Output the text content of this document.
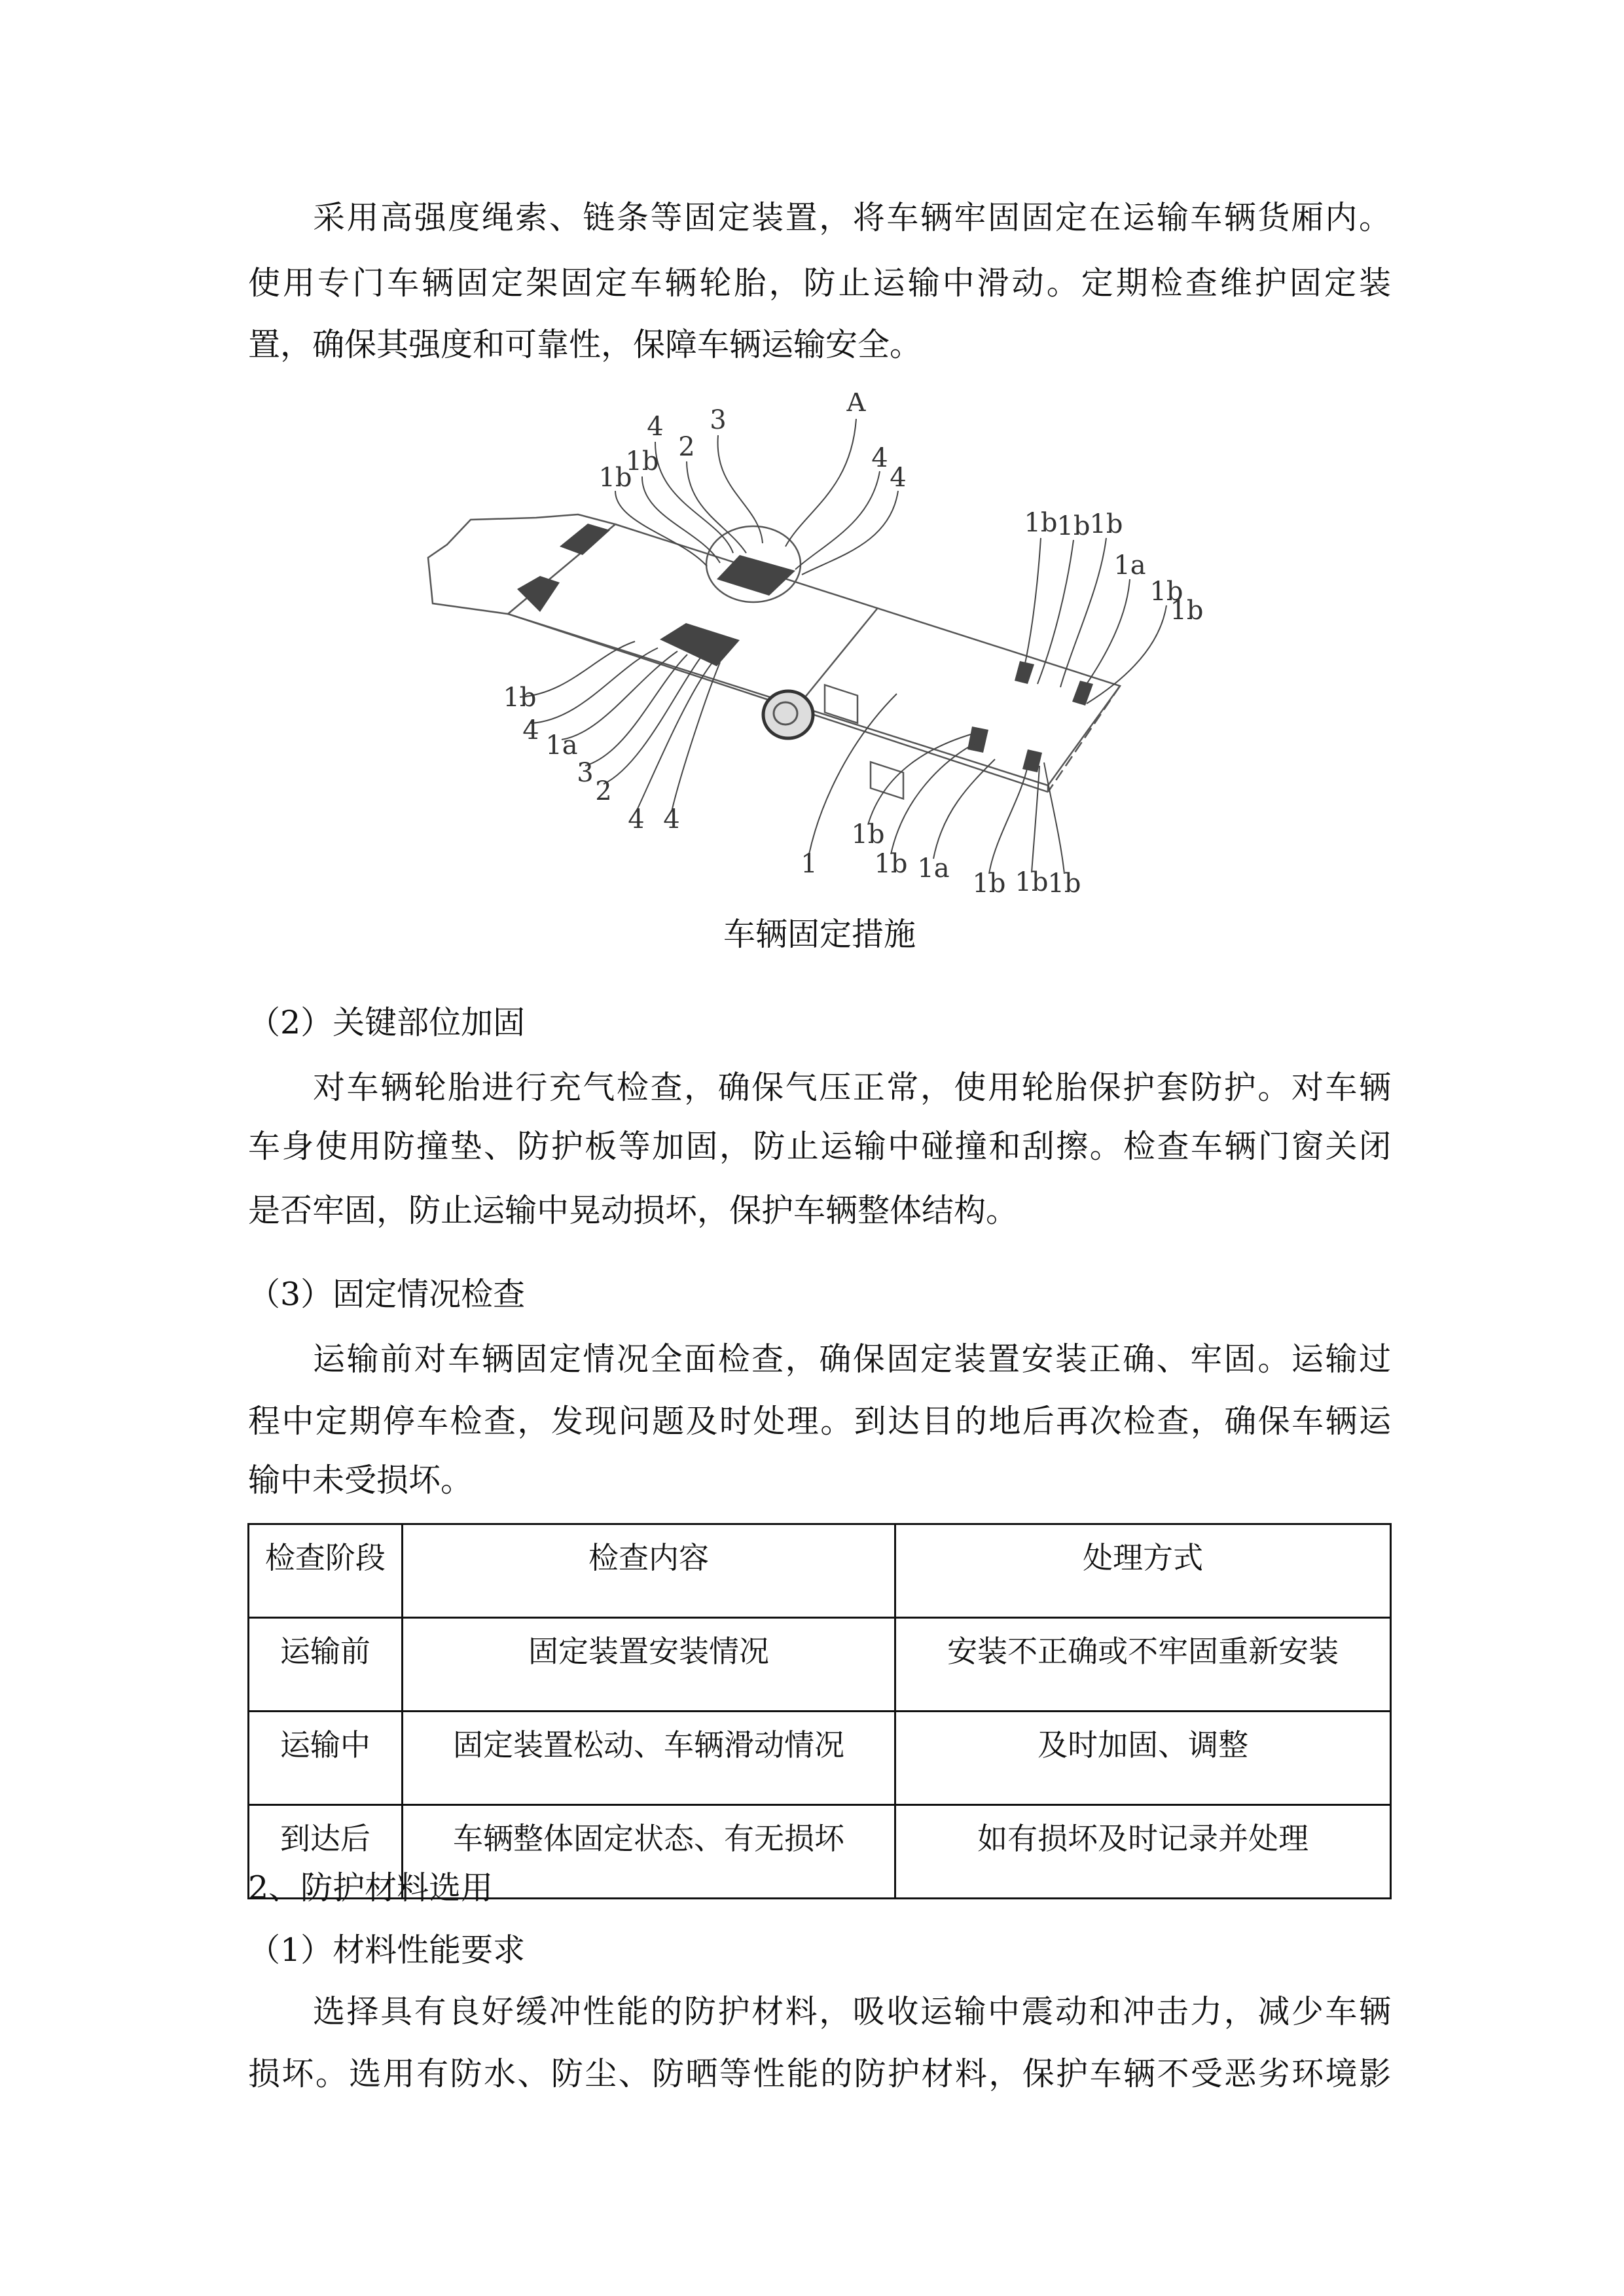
采用高强度绳索、链条等固定装置，将车辆牢固固定在运输车辆货厢内。
使用专门车辆固定架固定车辆轮胎，防止运输中滑动。定期检查维护固定装
置，确保其强度和可靠性，保障车辆运输安全。
A
3
4
2
1b
1b
4
4
1b
1b
1b
1a
1b
1b
1b
4 1a
3
2
4 4
1
1b
1b 1a 1b 1b
1b
车辆固定措施
（2）关键部位加固
对车辆轮胎进行充气检查，确保气压正常，使用轮胎保护套防护。对车辆
车身使用防撞垫、防护板等加固，防止运输中碰撞和刮擦。检查车辆门窗关闭
是否牢固，防止运输中晃动损坏，保护车辆整体结构。
（3）固定情况检查
运输前对车辆固定情况全面检查，确保固定装置安装正确、牢固。运输过
程中定期停车检查，发现问题及时处理。到达目的地后再次检查，确保车辆运
输中未受损坏。
检查阶段	检查内容	处理方式
运输前	固定装置安装情况	安装不正确或不牢固重新安装
运输中	固定装置松动、车辆滑动情况	及时加固、调整
到达后	车辆整体固定状态、有无损坏	如有损坏及时记录并处理
2、防护材料选用
（1）材料性能要求
选择具有良好缓冲性能的防护材料，吸收运输中震动和冲击力，减少车辆
损坏。选用有防水、防尘、防晒等性能的防护材料，保护车辆不受恶劣环境影
